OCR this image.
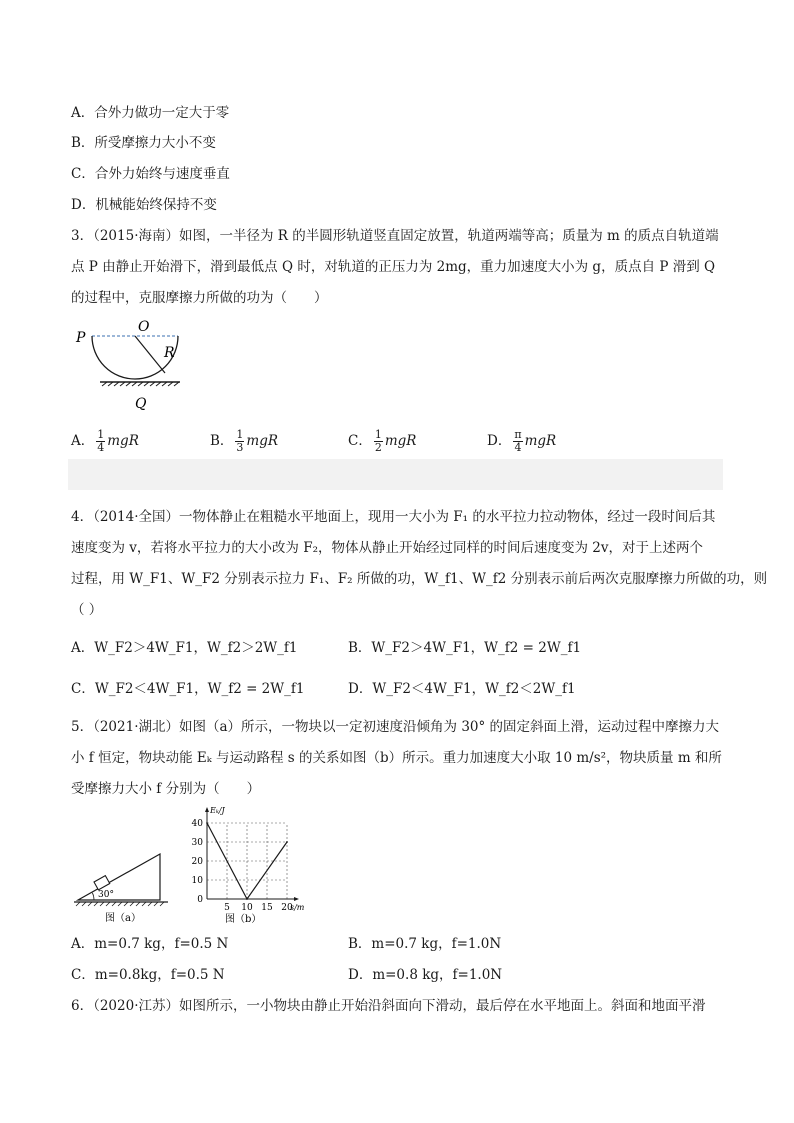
A．合外力做功一定大于零
B．所受摩擦力大小不变
C．合外力始终与速度垂直
D．机械能始终保持不变
3．（2015·海南）如图，一半径为 R 的半圆形轨道竖直固定放置，轨道两端等高；质量为 m 的质点自轨道端
点 P 由静止开始滑下，滑到最低点 Q 时，对轨道的正压力为 2mg，重力加速度大小为 g，质点自 P 滑到 Q
的过程中，克服摩擦力所做的功为（　　）
P
O
R
Q
A． $\frac{1}{4}$ mgR	B． $\frac{1}{3}$ mgR	C． $\frac{1}{2}$ mgR	D． $\frac{\pi}{4}$ mgR
4．（2014·全国）一物体静止在粗糙水平地面上，现用一大小为 F₁ 的水平拉力拉动物体，经过一段时间后其
速度变为 v，若将水平拉力的大小改为 F₂，物体从静止开始经过同样的时间后速度变为 2v，对于上述两个
过程，用 W_F1、W_F2 分别表示拉力 F₁、F₂ 所做的功，W_f1、W_f2 分别表示前后两次克服摩擦力所做的功，则
（ ）
A．W_F2＞4W_F1，W_f2＞2W_f1	B．W_F2＞4W_F1，W_f2 = 2W_f1
C．W_F2＜4W_F1，W_f2 = 2W_f1	D．W_F2＜4W_F1，W_f2＜2W_f1
5．（2021·湖北）如图（a）所示，一物块以一定初速度沿倾角为 30° 的固定斜面上滑，运动过程中摩擦力大
小 f 恒定，物块动能 Eₖ 与运动路程 s 的关系如图（b）所示。重力加速度大小取 10 m/s²，物块质量 m 和所
受摩擦力大小 f 分别为（　　）
30°
图（a）
0
10
20
30
40
5 10 15 20
s/m
Eₖ/J
图（b）
A．m=0.7 kg，f=0.5 N	B．m=0.7 kg，f=1.0N
C．m=0.8kg，f=0.5 N	D．m=0.8 kg，f=1.0N
6．（2020·江苏）如图所示，一小物块由静止开始沿斜面向下滑动，最后停在水平地面上。斜面和地面平滑
